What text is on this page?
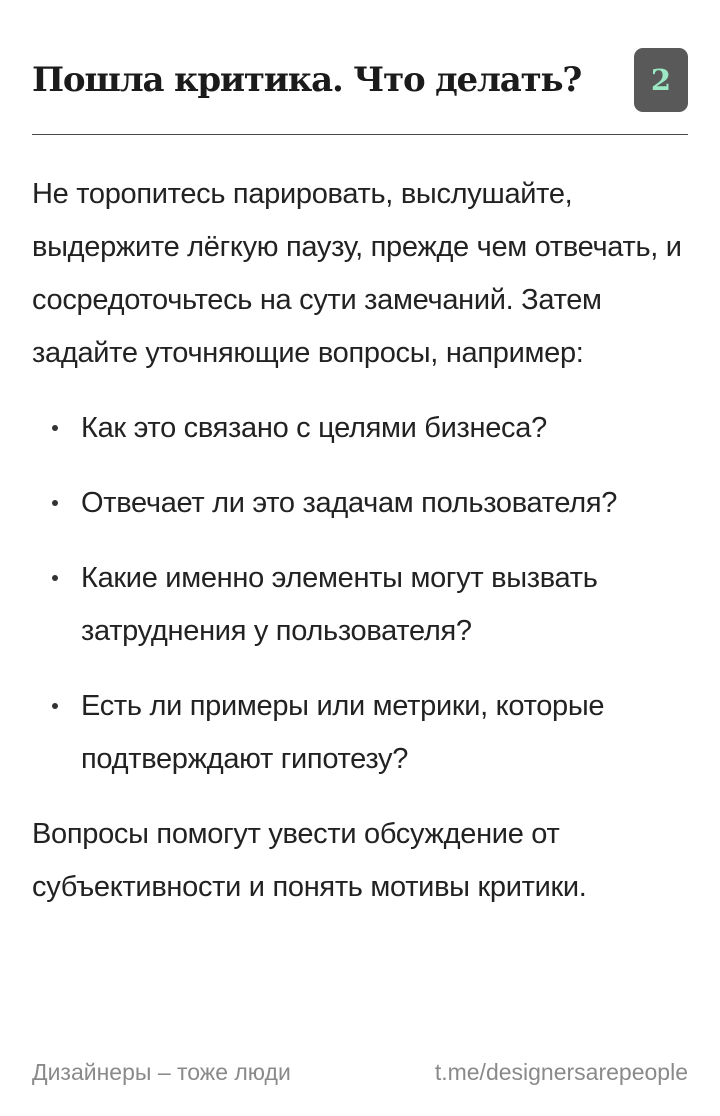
Пошла критика. Что делать?	2

Не торопитесь парировать, выслушайте, выдержите лёгкую паузу, прежде чем отвечать, и сосредоточьтесь на сути замечаний. Затем задайте уточняющие вопросы, например:

Как это связано с целями бизнеса?
Отвечает ли это задачам пользователя?
Какие именно элементы могут вызвать затруднения у пользователя?
Есть ли примеры или метрики, которые подтверждают гипотезу?

Вопросы помогут увести обсуждение от субъективности и понять мотивы критики.

Дизайнеры – тоже люди	t.me/designersarepeople
